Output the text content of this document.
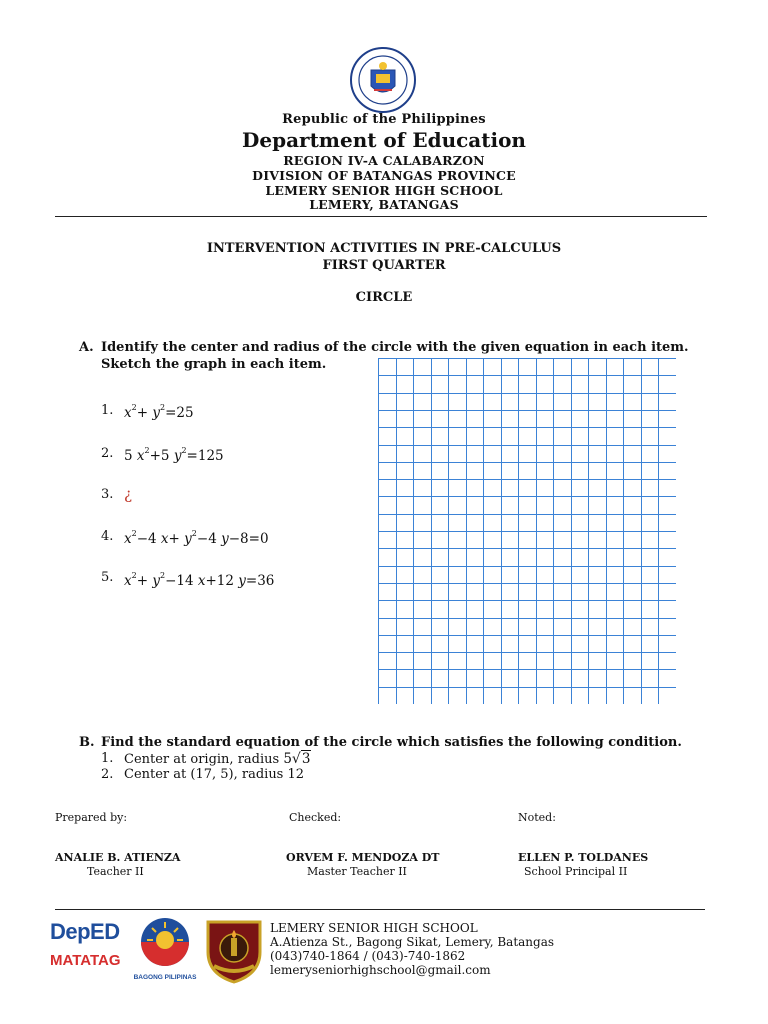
Republic of the Philippines
Department of Education
REGION IV-A CALABARZON
DIVISION OF BATANGAS PROVINCE
LEMERY SENIOR HIGH SCHOOL
LEMERY, BATANGAS
INTERVENTION ACTIVITIES IN PRE-CALCULUS
FIRST QUARTER
CIRCLE
A. Identify the center and radius of the circle with the given equation in each item. Sketch the graph in each item.
1. $x^2+ y^2=25$
2. 5 $x^2+5$ $y^2=125$
3. ¿
4. $x^2-4$ $x+ y^2-4$ y−8=0
5. $x^2+ y^2-14$ x+12 y=36
B. Find the standard equation of the circle which satisfies the following condition.
1. Center at origin, radius 5√3
2. Center at (17, 5), radius 12
Prepared by:	Checked:	Noted:
ANALIE B. ATIENZA	ORVEM F. MENDOZA DT	ELLEN P. TOLDANES
Teacher II	Master Teacher II	School Principal II
DepED
MATATAG
BAGONG PILIPINAS
LEMERY SENIOR HIGH SCHOOL
A.Atienza St., Bagong Sikat, Lemery, Batangas
(043)740-1864 / (043)-740-1862
lemeryseniorhighschool@gmail.com
